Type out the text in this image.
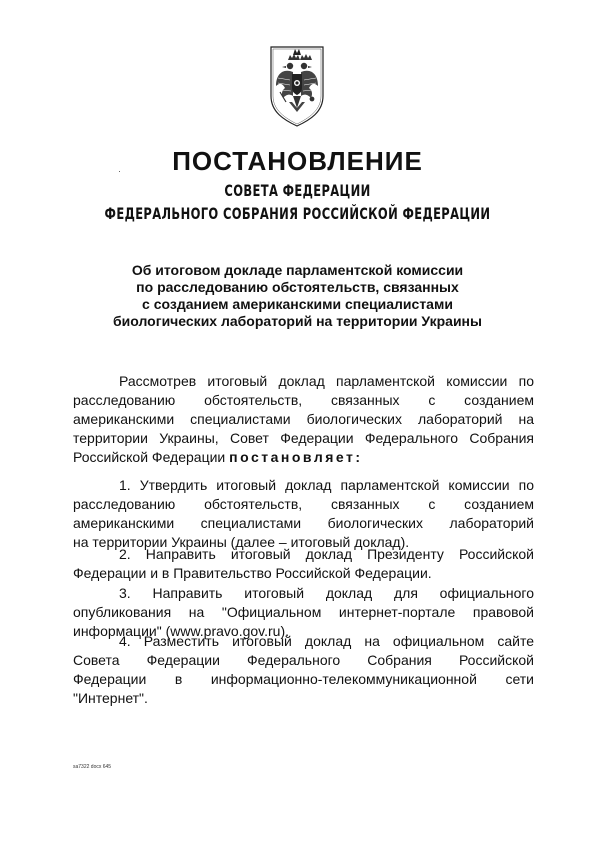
ПОСТАНОВЛЕНИЕ
СОВЕТА ФЕДЕРАЦИИ
ФЕДЕРАЛЬНОГО СОБРАНИЯ РОССИЙСКОЙ ФЕДЕРАЦИИ
Об итоговом докладе парламентской комиссии
по расследованию обстоятельств, связанных
с созданием американскими специалистами
биологических лабораторий на территории Украины
Рассмотрев итоговый доклад парламентской комиссии по
расследованию обстоятельств, связанных с созданием
американскими специалистами биологических лабораторий на
территории Украины, Совет Федерации Федерального Собрания
Российской Федерации постановляет:
1. Утвердить итоговый доклад парламентской комиссии по
расследованию обстоятельств, связанных с созданием
американскими специалистами биологических лабораторий
на территории Украины (далее – итоговый доклад).
2. Направить итоговый доклад Президенту Российской
Федерации и в Правительство Российской Федерации.
3. Направить итоговый доклад для официального
опубликования на "Официальном интернет-портале правовой
информации" (www.pravo.gov.ru).
4. Разместить итоговый доклад на официальном сайте
Совета Федерации Федерального Собрания Российской
Федерации в информационно-телекоммуникационной сети
"Интернет".
sa7322 docx 645
